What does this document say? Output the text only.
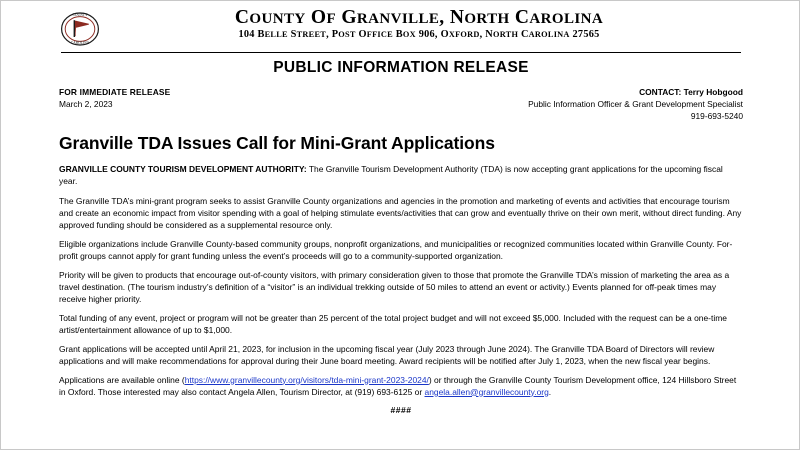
COUNTY
CAROLINA
COUNTY OF GRANVILLE, NORTH CAROLINA
104 BELLE STREET, POST OFFICE BOX 906, OXFORD, NORTH CAROLINA 27565
PUBLIC INFORMATION RELEASE
FOR IMMEDIATE RELEASE
March 2, 2023
CONTACT: Terry Hobgood
Public Information Officer & Grant Development Specialist
919-693-5240
Granville TDA Issues Call for Mini-Grant Applications

GRANVILLE COUNTY TOURISM DEVELOPMENT AUTHORITY: The Granville Tourism Development Authority (TDA) is now accepting grant applications for the upcoming fiscal year.

The Granville TDA’s mini-grant program seeks to assist Granville County organizations and agencies in the promotion and marketing of events and activities that encourage tourism and create an economic impact from visitor spending with a goal of helping stimulate events/activities that can grow and eventually thrive on their own merit, without direct funding. Any approved funding should be considered as a supplemental resource only.

Eligible organizations include Granville County-based community groups, nonprofit organizations, and municipalities or recognized communities located within Granville County. For-profit groups cannot apply for grant funding unless the event’s proceeds will go to a community-supported organization.

Priority will be given to products that encourage out-of-county visitors, with primary consideration given to those that promote the Granville TDA’s mission of marketing the area as a travel destination. (The tourism industry’s definition of a “visitor” is an individual trekking outside of 50 miles to attend an event or activity.) Events planned for off-peak times may receive higher priority.

Total funding of any event, project or program will not be greater than 25 percent of the total project budget and will not exceed $5,000. Included with the request can be a one-time artist/entertainment allowance of up to $1,000.

Grant applications will be accepted until April 21, 2023, for inclusion in the upcoming fiscal year (July 2023 through June 2024). The Granville TDA Board of Directors will review applications and will make recommendations for approval during their June board meeting. Award recipients will be notified after July 1, 2023, when the new fiscal year begins.

Applications are available online (https://www.granvillecounty.org/visitors/tda-mini-grant-2023-2024/) or through the Granville County Tourism Development office, 124 Hillsboro Street in Oxford. Those interested may also contact Angela Allen, Tourism Director, at (919) 693-6125 or angela.allen@granvillecounty.org.

####
